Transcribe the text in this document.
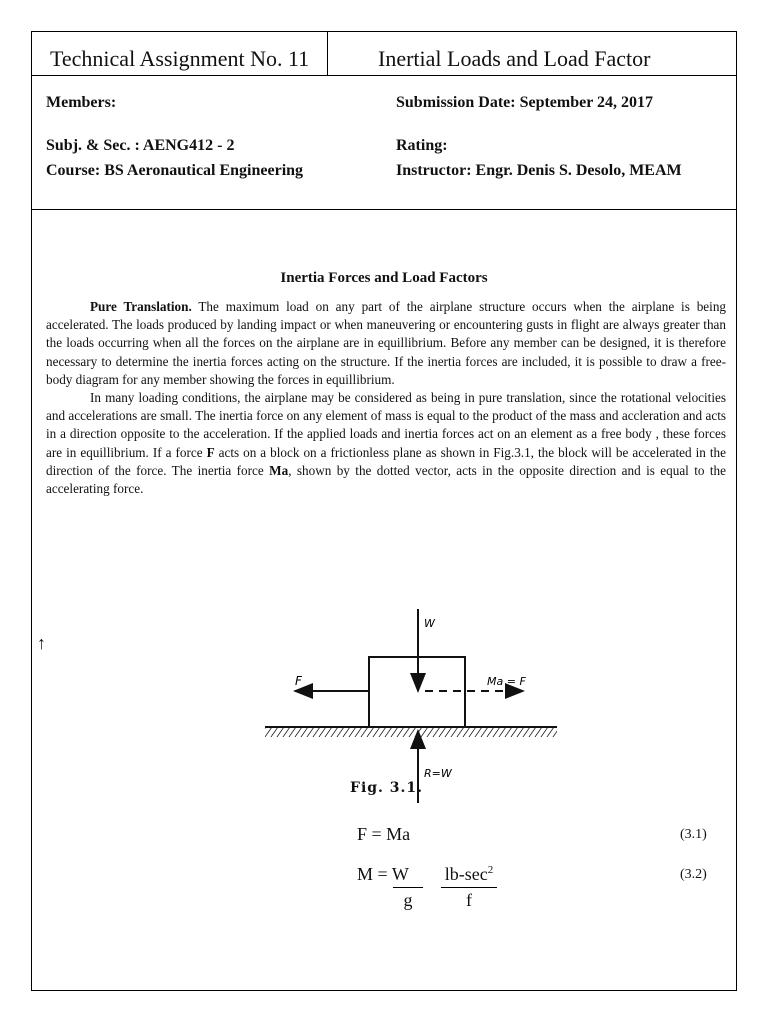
Technical Assignment No. 11	Inertial Loads and Load Factor
Members:	Submission Date: September 24, 2017
Subj. & Sec. : AENG412 - 2	Rating:
Course: BS Aeronautical Engineering	Instructor: Engr. Denis S. Desolo, MEAM
Inertia Forces and Load Factors

Pure Translation. The maximum load on any part of the airplane structure occurs when the airplane is being accelerated. The loads produced by landing impact or when maneuvering or encountering gusts in flight are always greater than the loads occurring when all the forces on the airplane are in equillibrium. Before any member can be designed, it is therefore necessary to determine the inertia forces acting on the structure. If the inertia forces are included, it is possible to draw a free-body diagram for any member showing the forces in equillibrium.

In many loading conditions, the airplane may be considered as being in pure translation, since the rotational velocities and accelerations are small. The inertia force on any element of mass is equal to the product of the mass and accleration and acts in a direction opposite to the acceleration. If the applied loads and inertia forces act on an element as a free body , these forces are in equillibrium. If a force F acts on a block on a frictionless plane as shown in Fig.3.1, the block will be accelerated in the direction of the force. The inertia force Ma, shown by the dotted vector, acts in the opposite direction and is equal to the accelerating force.

↑
W
F	Ma = F
R=W
Fig. 3.1.
F = Ma	(3.1)
M = W
g
$lb-\sec^2$
f
(3.2)
